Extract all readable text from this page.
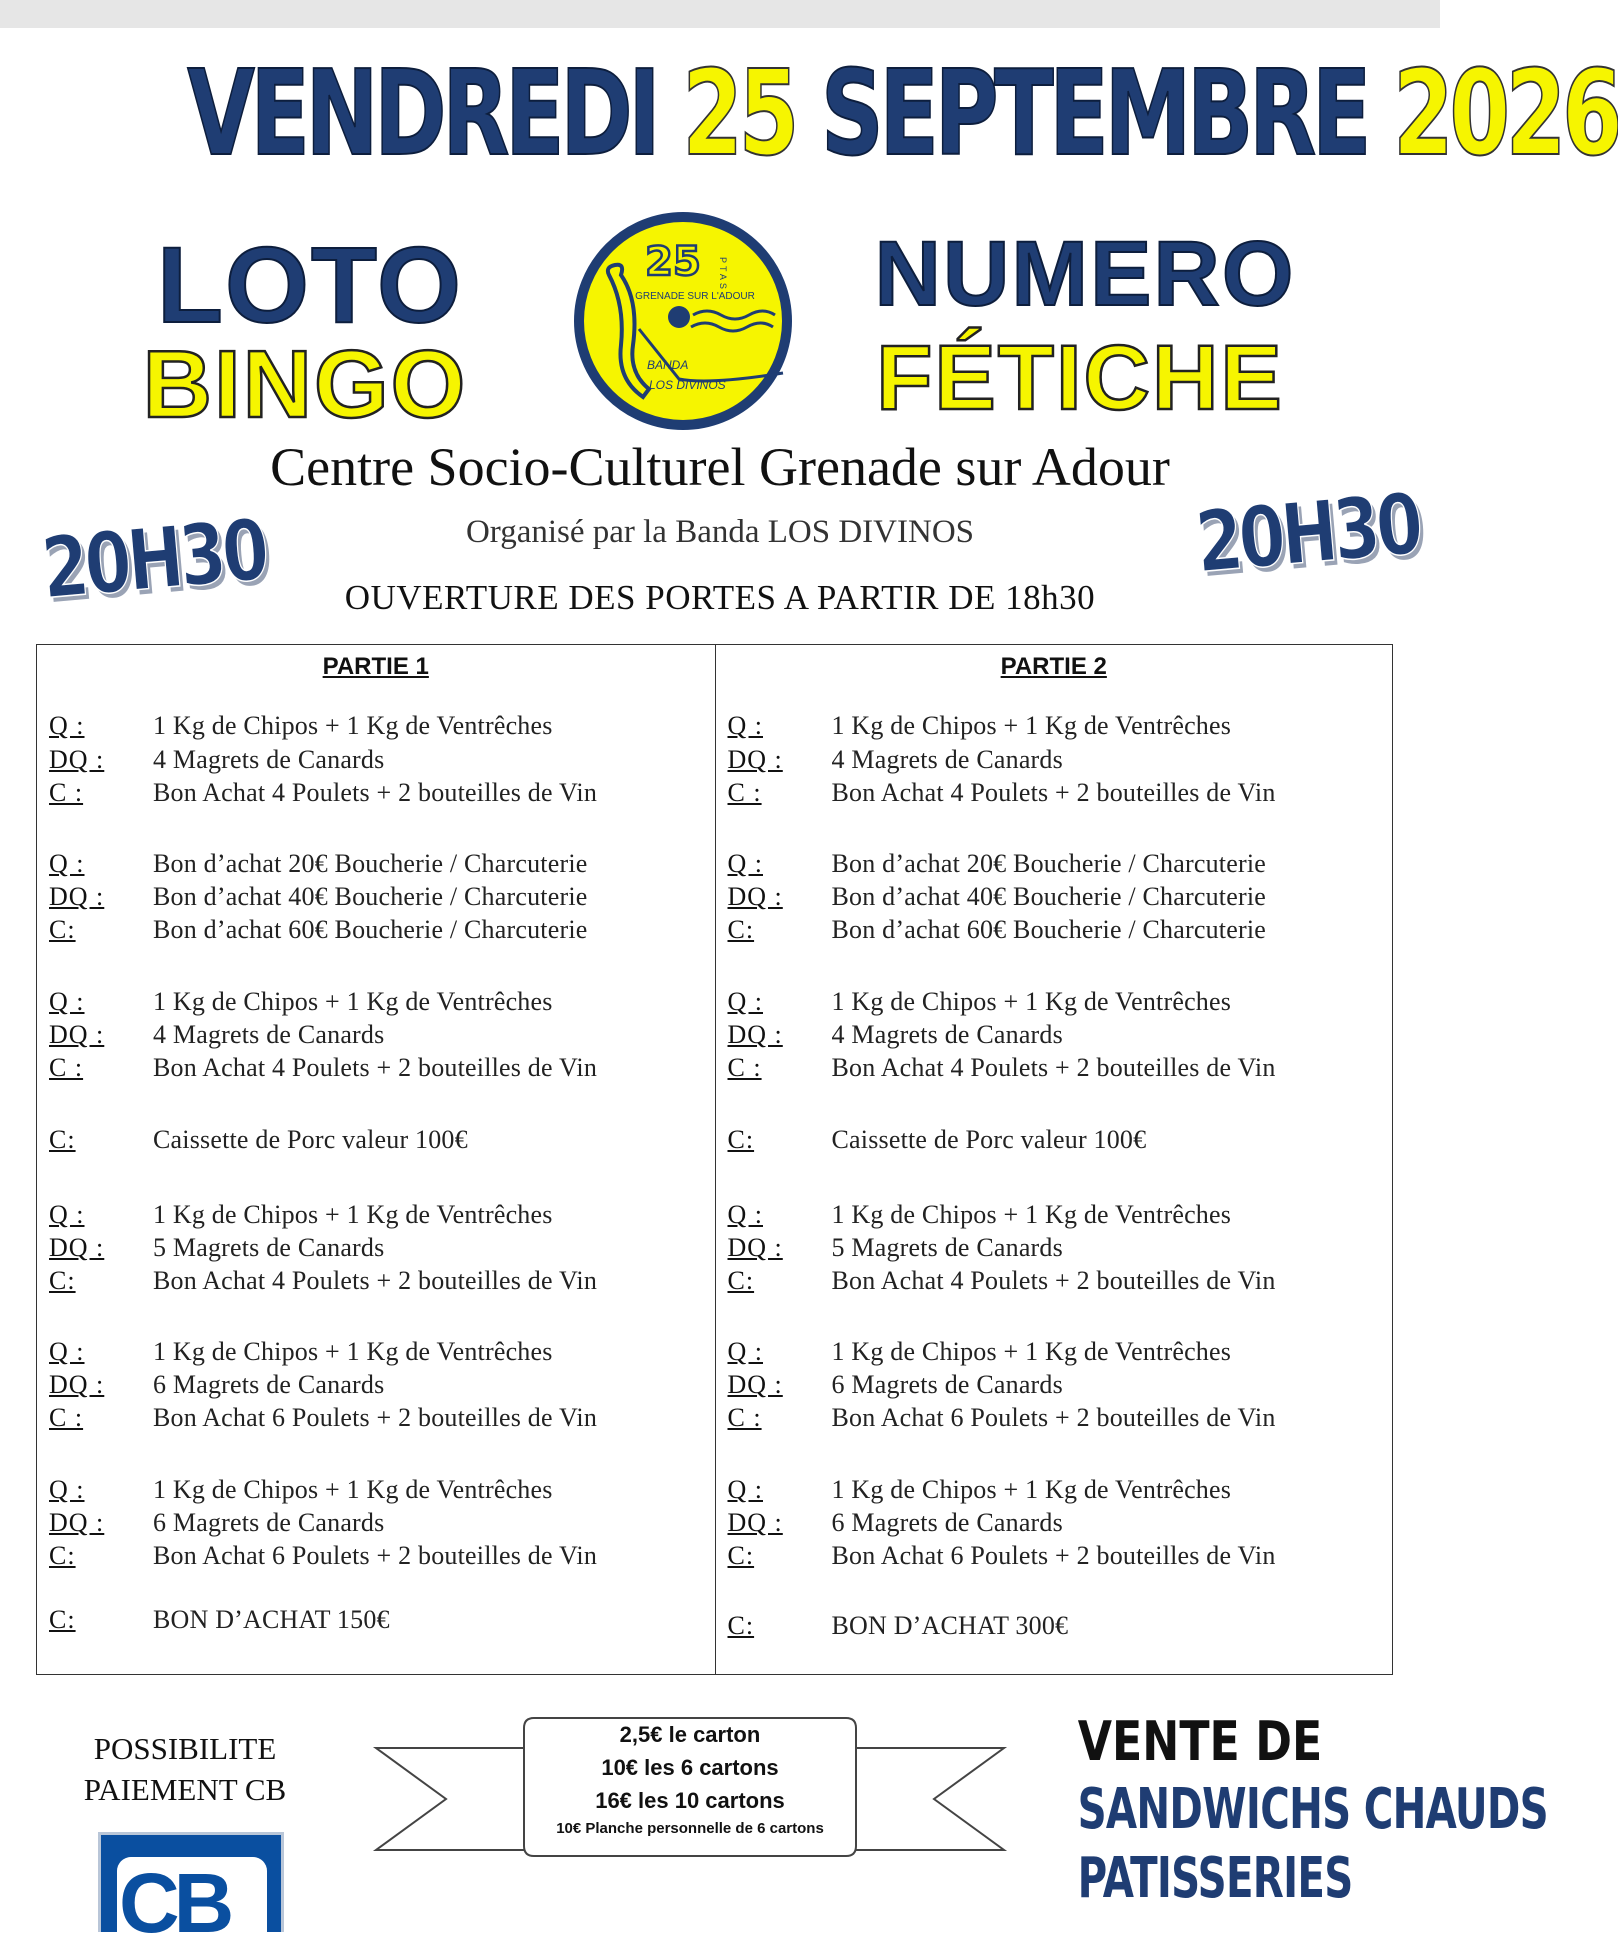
VENDREDI 25 SEPTEMBRE 2026
LOTO
BINGO
NUMERO
FÉTICHE
25 PTAS
GRENADE SUR L'ADOUR
BANDA
LOS DIVINOS
Centre Socio-Culturel Grenade sur Adour
Organisé par la Banda LOS DIVINOS
OUVERTURE DES PORTES A PARTIR DE 18h30
20H30	20H30
PARTIE 1
Q :	1 Kg de Chipos + 1 Kg de Ventrêches
DQ :	4 Magrets de Canards
C :	Bon Achat 4 Poulets + 2 bouteilles de Vin
Q :	Bon d’achat 20€ Boucherie / Charcuterie
DQ :	Bon d’achat 40€ Boucherie / Charcuterie
C:	Bon d’achat 60€ Boucherie / Charcuterie
Q :	1 Kg de Chipos + 1 Kg de Ventrêches
DQ :	4 Magrets de Canards
C :	Bon Achat 4 Poulets + 2 bouteilles de Vin
C:	Caissette de Porc valeur 100€
Q :	1 Kg de Chipos + 1 Kg de Ventrêches
DQ :	5 Magrets de Canards
C:	Bon Achat 4 Poulets + 2 bouteilles de Vin
Q :	1 Kg de Chipos + 1 Kg de Ventrêches
DQ :	6 Magrets de Canards
C :	Bon Achat 6 Poulets + 2 bouteilles de Vin
Q :	1 Kg de Chipos + 1 Kg de Ventrêches
DQ :	6 Magrets de Canards
C:	Bon Achat 6 Poulets + 2 bouteilles de Vin
C:	BON D’ACHAT 150€
PARTIE 2
Q :	1 Kg de Chipos + 1 Kg de Ventrêches
DQ :	4 Magrets de Canards
C :	Bon Achat 4 Poulets + 2 bouteilles de Vin
Q :	Bon d’achat 20€ Boucherie / Charcuterie
DQ :	Bon d’achat 40€ Boucherie / Charcuterie
C:	Bon d’achat 60€ Boucherie / Charcuterie
Q :	1 Kg de Chipos + 1 Kg de Ventrêches
DQ :	4 Magrets de Canards
C :	Bon Achat 4 Poulets + 2 bouteilles de Vin
C:	Caissette de Porc valeur 100€
Q :	1 Kg de Chipos + 1 Kg de Ventrêches
DQ :	5 Magrets de Canards
C:	Bon Achat 4 Poulets + 2 bouteilles de Vin
Q :	1 Kg de Chipos + 1 Kg de Ventrêches
DQ :	6 Magrets de Canards
C :	Bon Achat 6 Poulets + 2 bouteilles de Vin
Q :	1 Kg de Chipos + 1 Kg de Ventrêches
DQ :	6 Magrets de Canards
C:	Bon Achat 6 Poulets + 2 bouteilles de Vin
C:	BON D’ACHAT 300€
POSSIBILITE
PAIEMENT CB
CB
2,5€ le carton
10€ les 6 cartons
16€ les 10 cartons
10€ Planche personnelle de 6 cartons
VENTE DE
SANDWICHS CHAUDS
PATISSERIES
